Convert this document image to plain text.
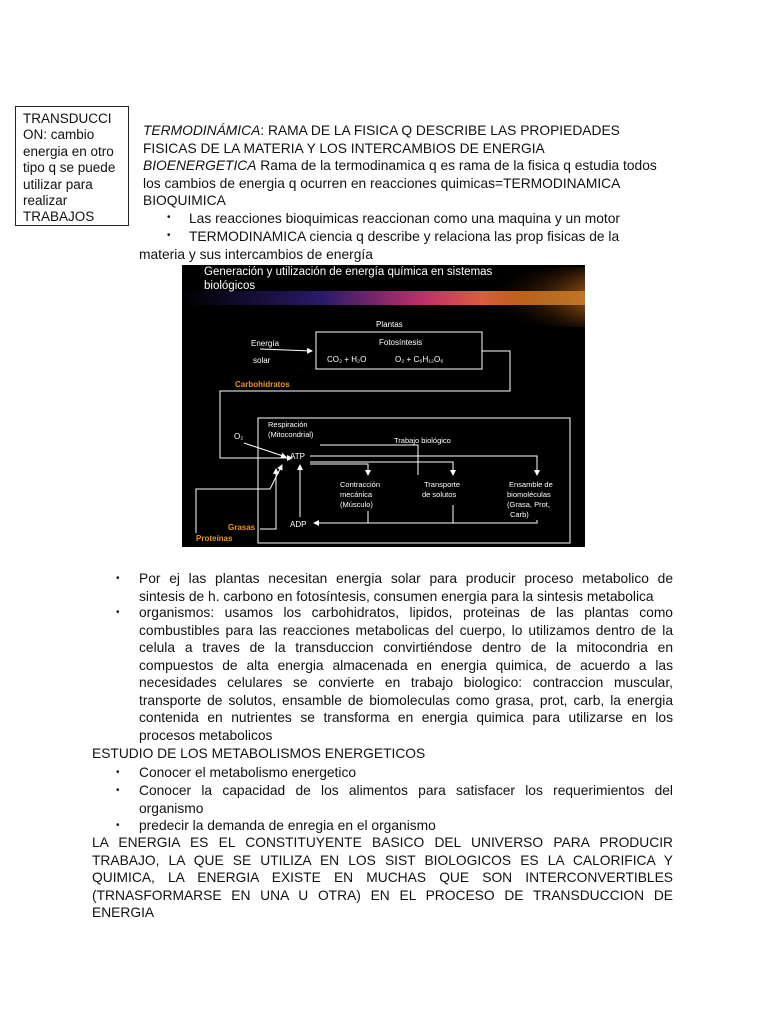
TRANSDUCCI
ON: cambio
energia en otro
tipo q se puede
utilizar para
realizar
TRABAJOS
TERMODINÁMICA: RAMA DE LA FISICA Q DESCRIBE LAS PROPIEDADES
FISICAS DE LA MATERIA Y LOS INTERCAMBIOS DE ENERGIA
BIOENERGETICA Rama de la termodinamica q es rama de la fisica q estudia todos
los cambios de energia q ocurren en reacciones quimicas=TERMODINAMICA
BIOQUIMICA
• Las reacciones bioquimicas reaccionan como una maquina y un motor
• TERMODINAMICA ciencia q describe y relaciona las prop fisicas de la
materia y sus intercambios de energía
Generación y utilización de energía química en sistemas
biológicos
Plantas
Fotosíntesis
CO₂ + H₂O	O₂ + C₆H₁₂O₆
Energía
solar
Carbohidratos
Respiración
(Mitocondrial)
O₂	Trabajo biológico
ATP
Contracción
mecánica
(Músculo)
Transporte
de solutos
Ensamble de
biomoléculas
(Grasa, Prot,
Carb)
ADP
Grasas
Proteínas
• Por ej las plantas necesitan energia solar para producir proceso metabolico de
sintesis de h. carbono en fotosíntesis, consumen energia para la sintesis metabolica
• organismos: usamos los carbohidratos, lipidos, proteinas de las plantas como
combustibles para las reacciones metabolicas del cuerpo, lo utilizamos dentro de la
celula a traves de la transduccion convirtiéndose dentro de la mitocondria en
compuestos de alta energia almacenada en energia quimica, de acuerdo a las
necesidades celulares se convierte en trabajo biologico: contraccion muscular,
transporte de solutos, ensamble de biomoleculas como grasa, prot, carb, la energia
contenida en nutrientes se transforma en energia quimica para utilizarse en los
procesos metabolicos
ESTUDIO DE LOS METABOLISMOS ENERGETICOS
• Conocer el metabolismo energetico
• Conocer la capacidad de los alimentos para satisfacer los requerimientos del
organismo
• predecir la demanda de enregia en el organismo
LA ENERGIA ES EL CONSTITUYENTE BASICO DEL UNIVERSO PARA PRODUCIR
TRABAJO, LA QUE SE UTILIZA EN LOS SIST BIOLOGICOS ES LA CALORIFICA Y
QUIMICA, LA ENERGIA EXISTE EN MUCHAS QUE SON INTERCONVERTIBLES
(TRNASFORMARSE EN UNA U OTRA) EN EL PROCESO DE TRANSDUCCION DE
ENERGIA
